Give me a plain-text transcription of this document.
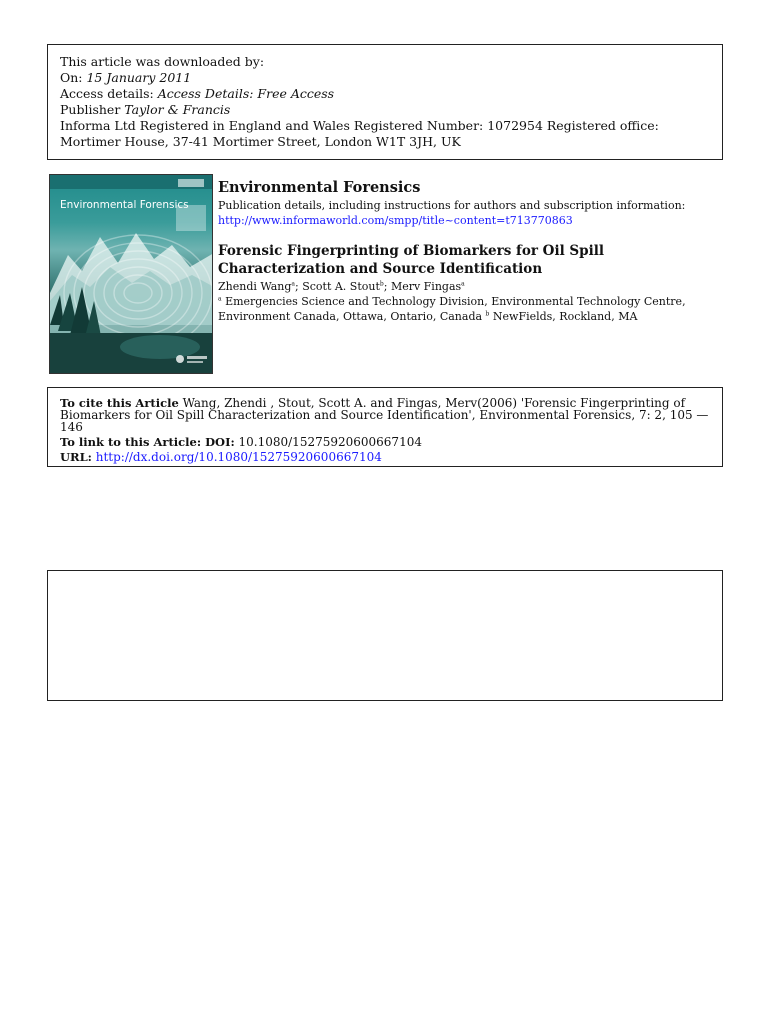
This article was downloaded by:
On: 15 January 2011
Access details: Access Details: Free Access
Publisher Taylor & Francis
Informa Ltd Registered in England and Wales Registered Number: 1072954 Registered office: Mortimer House, 37-41 Mortimer Street, London W1T 3JH, UK
Environmental Forensics
Environmental Forensics
Publication details, including instructions for authors and subscription information:
http://www.informaworld.com/smpp/title~content=t713770863
Forensic Fingerprinting of Biomarkers for Oil Spill Characterization and Source Identification
Zhendi Wang$^a$; Scott A. Stout$^b$; Merv Fingas$^a$
$^a$ Emergencies Science and Technology Division, Environmental Technology Centre, Environment Canada, Ottawa, Ontario, Canada $^b$ NewFields, Rockland, MA
To cite this Article Wang, Zhendi , Stout, Scott A. and Fingas, Merv(2006) 'Forensic Fingerprinting of Biomarkers for Oil Spill Characterization and Source Identification', Environmental Forensics, 7: 2, 105 — 146
To link to this Article: DOI: 10.1080/15275920600667104
URL: http://dx.doi.org/10.1080/15275920600667104
